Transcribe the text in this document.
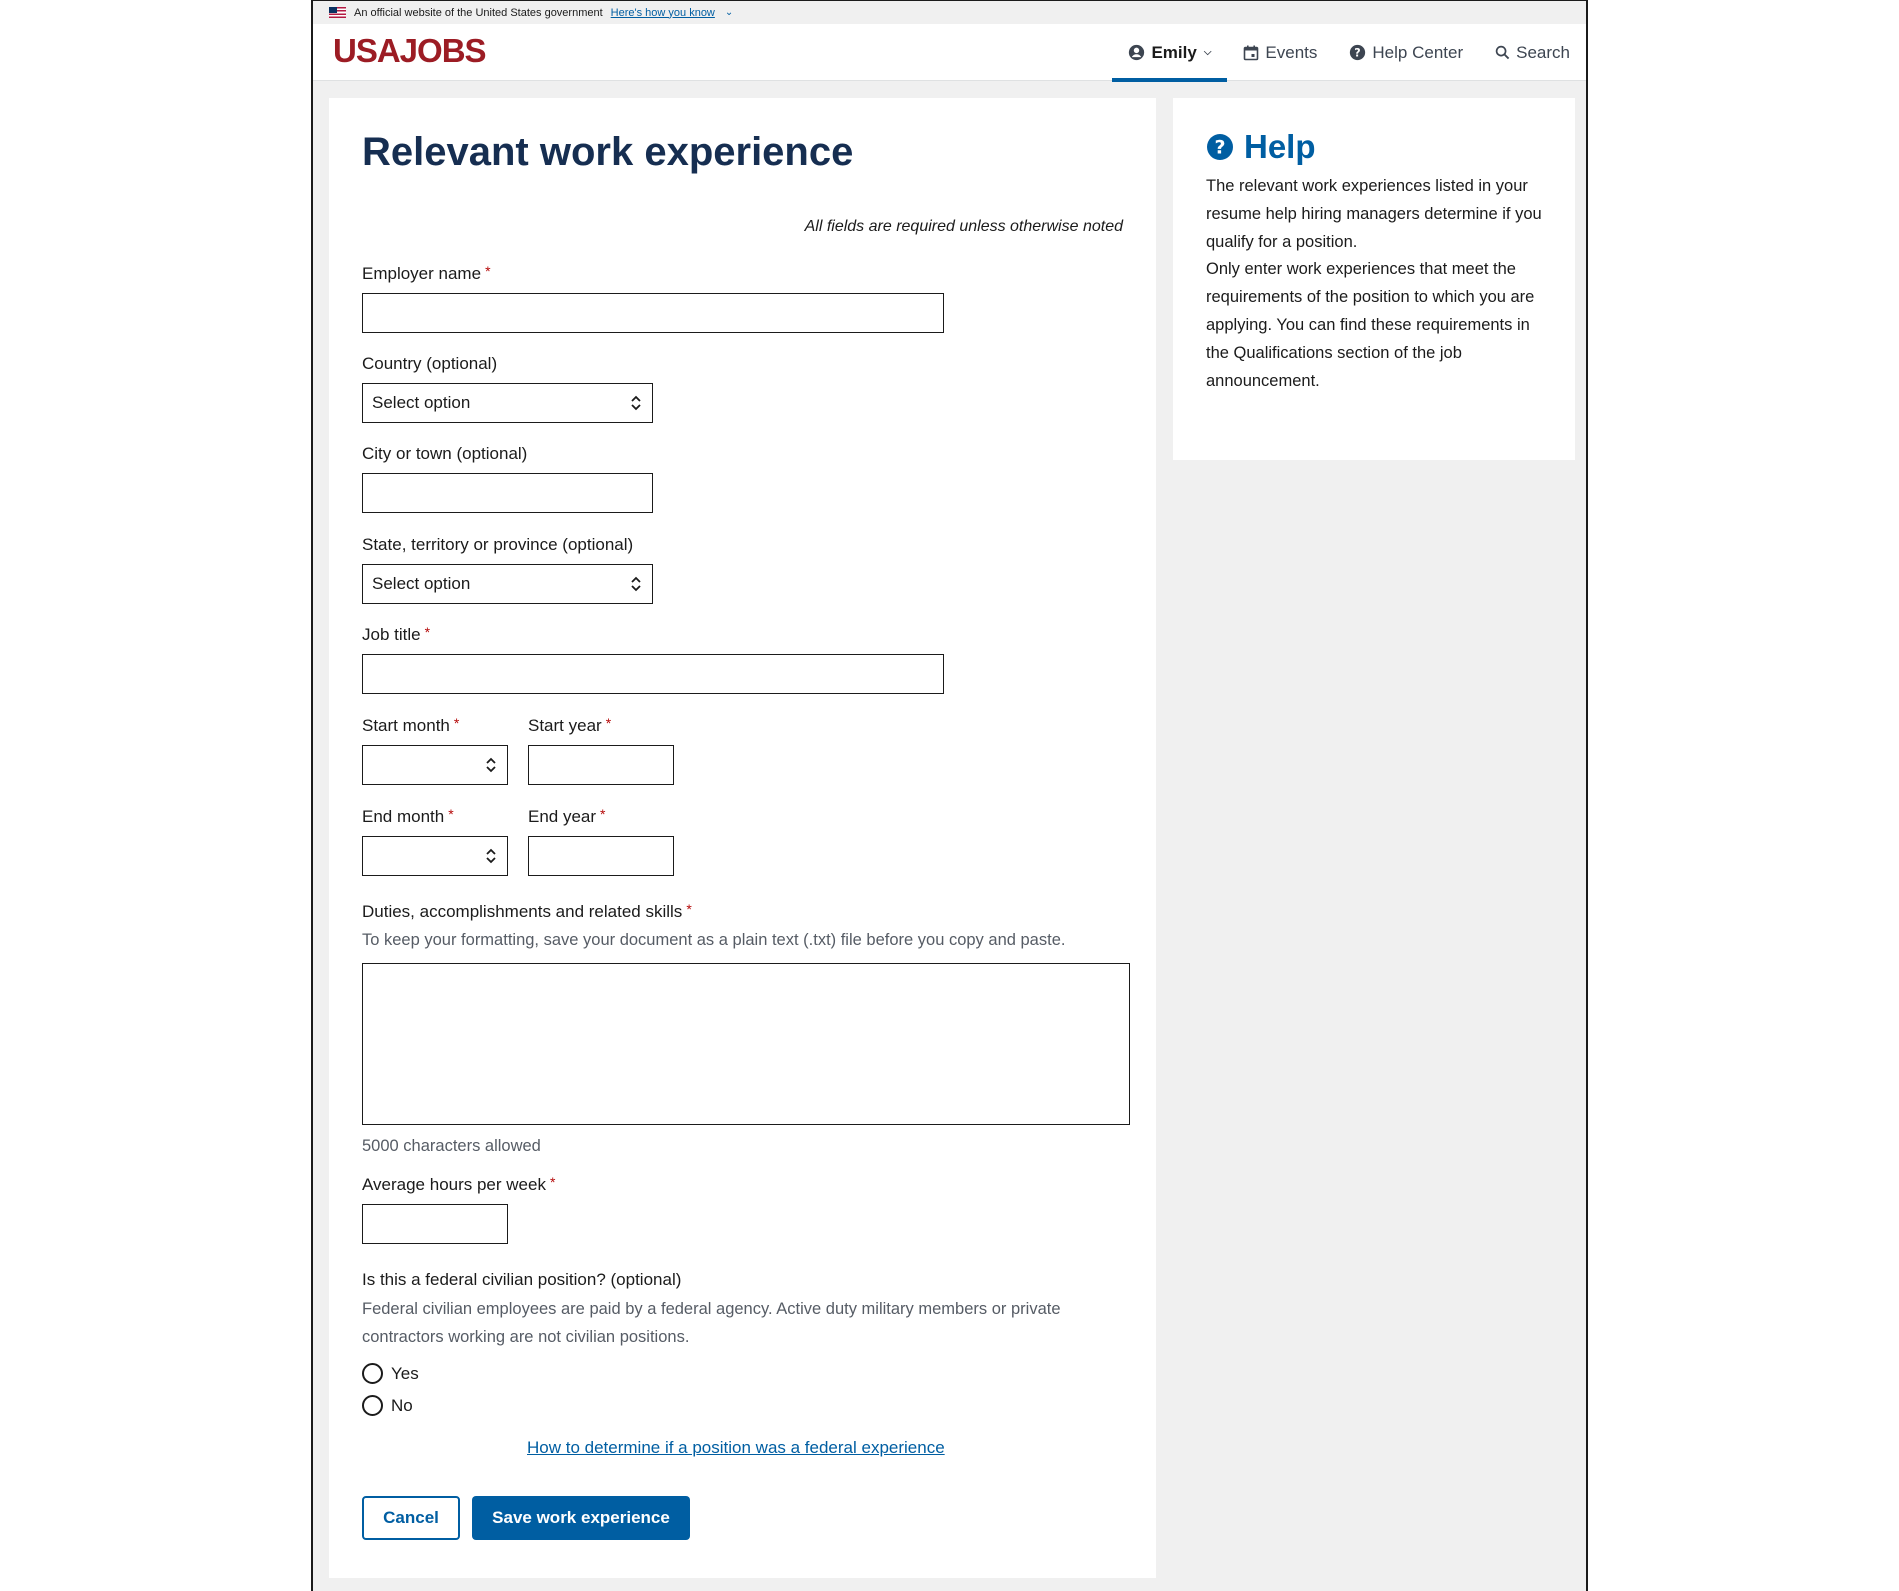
An official website of the United States government Here's how you know ⌄
USAJOBS	Emily ⌵	Events	? Help Center	Search
Relevant work experience
All fields are required unless otherwise noted
Employer name *
Country (optional)
Select option
City or town (optional)
State, territory or province (optional)
Select option
Job title *
Start month *	Start year *
End month *	End year *
Duties, accomplishments and related skills *
To keep your formatting, save your document as a plain text (.txt) file before you copy and paste.
5000 characters allowed
Average hours per week *
Is this a federal civilian position? (optional)
Federal civilian employees are paid by a federal agency. Active duty military members or private contractors working are not civilian positions.
Yes
No
How to determine if a position was a federal experience
Cancel	Save work experience
? Help
The relevant work experiences listed in your resume help hiring managers determine if you qualify for a position.
Only enter work experiences that meet the requirements of the position to which you are applying. You can find these requirements in the Qualifications section of the job announcement.
